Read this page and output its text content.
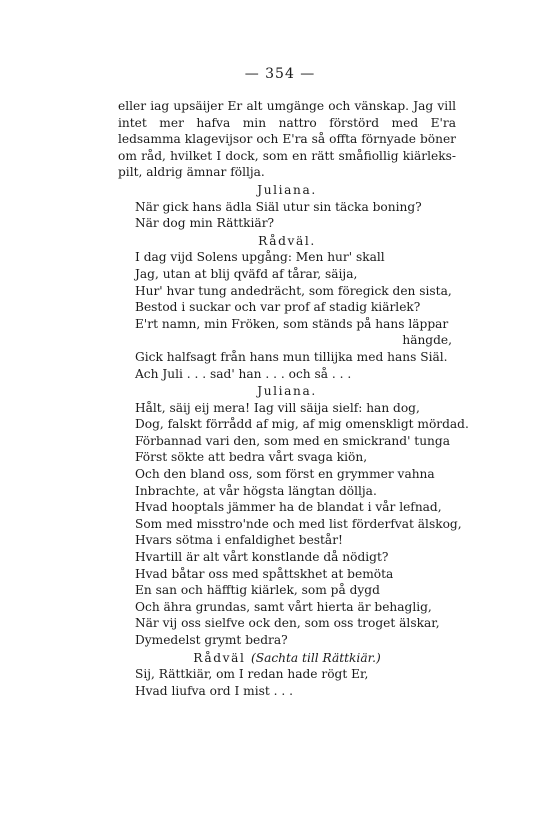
— 354 —

eller iag upsäijer Er alt umgänge och vänskap. Jag vill intet mer hafva min nattro förstörd med E'ra ledsamma klagevijsor och E'ra så offta förnyade böner om råd, hvilket I dock, som en rätt småfiollig kiärleks-pilt, aldrig ämnar föllja.

Juliana.
När gick hans ädla Siäl utur sin täcka boning?
När dog min Rättkiär?
Rådväl.
I dag vijd Solens upgång: Men hur' skall
Jag, utan at blij qväfd af tårar, säija,
Hur' hvar tung andedrächt, som föregick den sista,
Bestod i suckar och var prof af stadig kiärlek?
E'rt namn, min Fröken, som ständs på hans läppar
hängde,
Gick halfsagt från hans mun tillijka med hans Siäl.
Ach Juli . . . sad' han . . . och så . . .
Juliana.
Hålt, säij eij mera! Iag vill säija sielf: han dog,
Dog, falskt förrådd af mig, af mig omenskligt mördad.
Förbannad vari den, som med en smickrand' tunga
Först sökte att bedra vårt svaga kiön,
Och den bland oss, som först en grymmer vahna
Inbrachte, at vår högsta längtan döllja.
Hvad hooptals jämmer ha de blandat i vår lefnad,
Som med misstro'nde och med list förderfvat älskog,
Hvars sötma i enfaldighet består!
Hvartill är alt vårt konstlande då nödigt?
Hvad båtar oss med spåttskhet at bemöta
En san och häfftig kiärlek, som på dygd
Och ähra grundas, samt vårt hierta är behaglig,
När vij oss sielfve ock den, som oss troget älskar,
Dymedelst grymt bedra?
Rådväl (Sachta till Rättkiär.)
Sij, Rättkiär, om I redan hade rögt Er,
Hvad liufva ord I mist . . .
